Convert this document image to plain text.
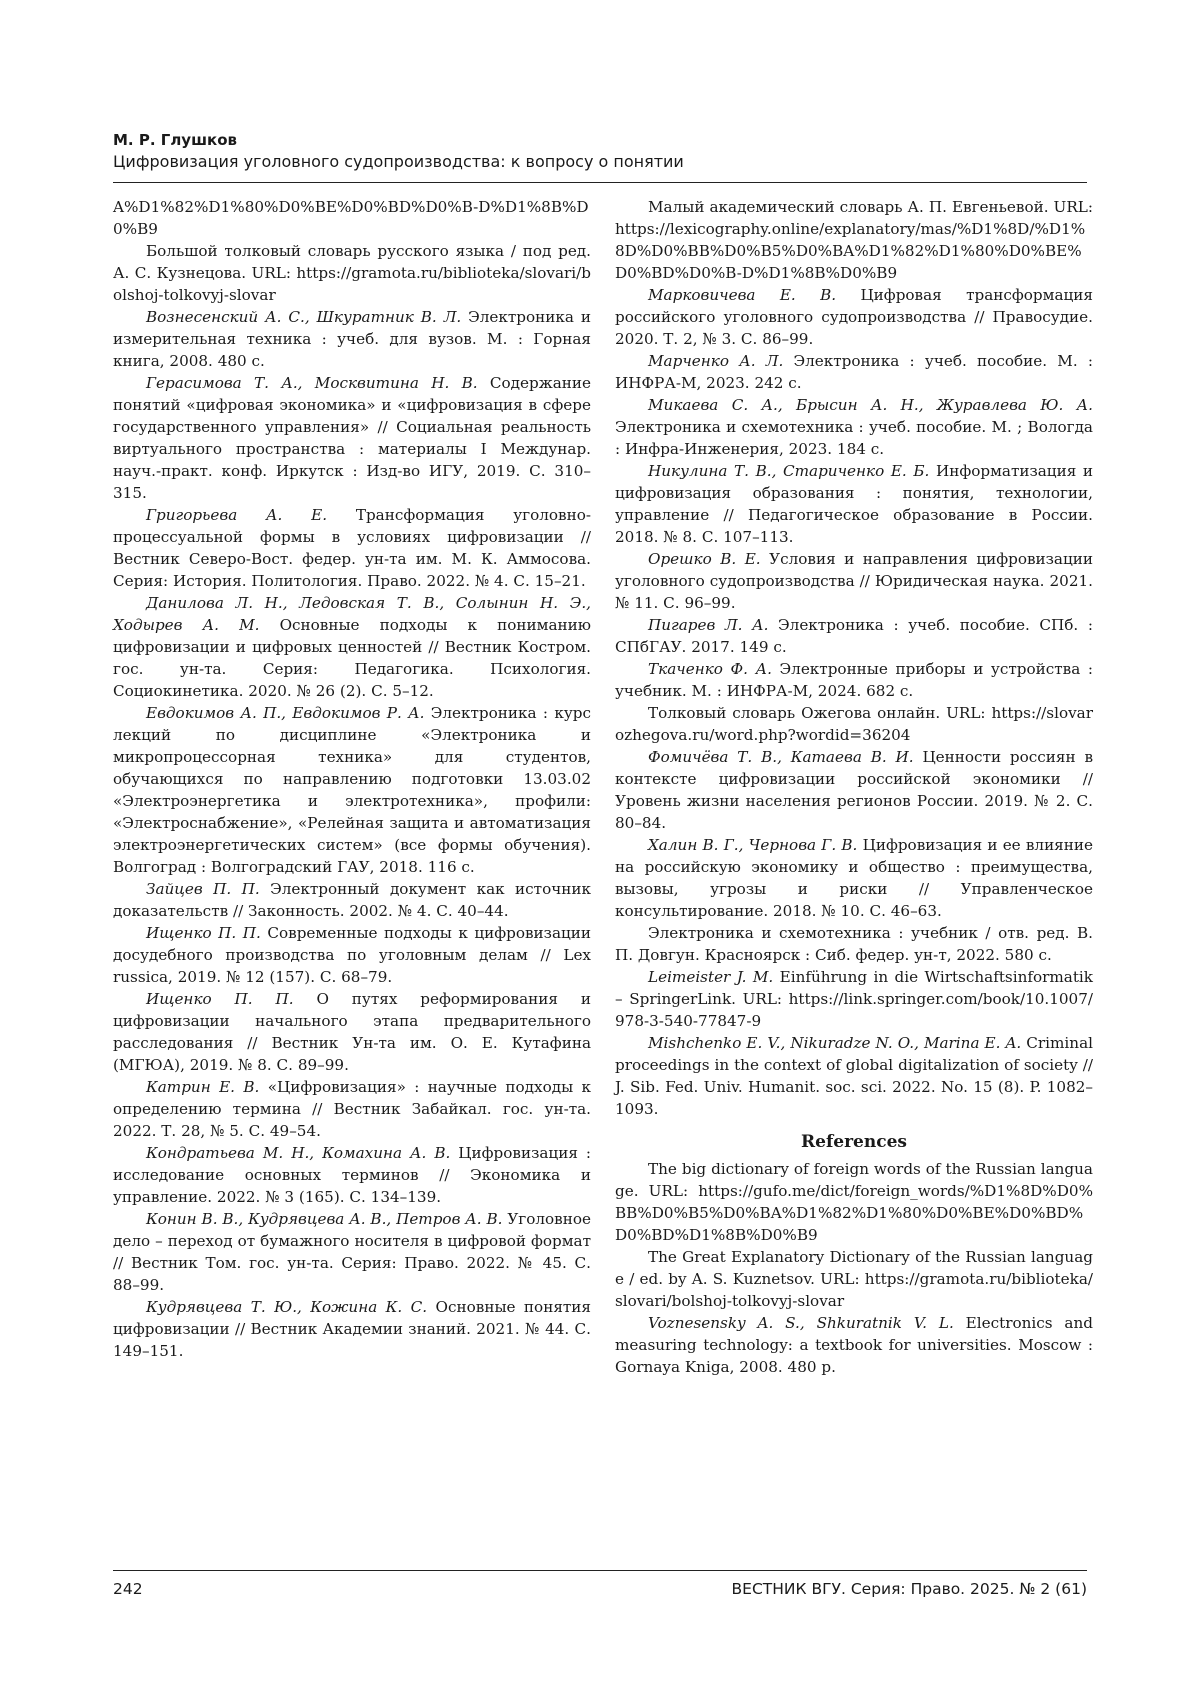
М. Р. Глушков
Цифровизация уголовного судопроизводства: к вопросу о понятии

A%D1%82%D1%80%D0%BE%D0%BD%D0%B-D%D1%8B%D0%B9

Большой толковый словарь русского языка / под ред. А. С. Кузнецова. URL: https://gramota.ru/biblioteka/slovari/bolshoj-tolkovyj-slovar

Вознесенский А. С., Шкуратник В. Л. Электроника и измерительная техника : учеб. для вузов. М. : Горная книга, 2008. 480 с.

Герасимова Т. А., Москвитина Н. В. Содержание понятий «цифровая экономика» и «цифровизация в сфере государственного управления» // Социальная реальность виртуального пространства : материалы I Междунар. науч.-практ. конф. Иркутск : Изд-во ИГУ, 2019. С. 310–315.

Григорьева А. Е. Трансформация уголовно-процессуальной формы в условиях цифровизации // Вестник Северо-Вост. федер. ун-та им. М. К. Аммосова. Серия: История. Политология. Право. 2022. № 4. С. 15–21.

Данилова Л. Н., Ледовская Т. В., Солынин Н. Э., Ходырев А. М. Основные подходы к пониманию цифровизации и цифровых ценностей // Вестник Костром. гос. ун-та. Серия: Педагогика. Психология. Социокинетика. 2020. № 26 (2). С. 5–12.

Евдокимов А. П., Евдокимов Р. А. Электроника : курс лекций по дисциплине «Электроника и микропроцессорная техника» для студентов, обучающихся по направлению подготовки 13.03.02 «Электроэнергетика и электротехника», профили: «Электроснабжение», «Релейная защита и автоматизация электроэнергетических систем» (все формы обучения). Волгоград : Волгоградский ГАУ, 2018. 116 с.

Зайцев П. П. Электронный документ как источник доказательств // Законность. 2002. № 4. С. 40–44.

Ищенко П. П. Современные подходы к цифровизации досудебного производства по уголовным делам // Lex russica, 2019. № 12 (157). С. 68–79.

Ищенко П. П. О путях реформирования и цифровизации начального этапа предварительного расследования // Вестник Ун-та им. О. Е. Кутафина (МГЮА), 2019. № 8. С. 89–99.

Катрин Е. В. «Цифровизация» : научные подходы к определению термина // Вестник Забайкал. гос. ун-та. 2022. Т. 28, № 5. С. 49–54.

Кондратьева М. Н., Комахина А. В. Цифровизация : исследование основных терминов // Экономика и управление. 2022. № 3 (165). С. 134–139.

Конин В. В., Кудрявцева А. В., Петров А. В. Уголовное дело – переход от бумажного носителя в цифровой формат // Вестник Том. гос. ун-та. Серия: Право. 2022. № 45. С. 88–99.

Кудрявцева Т. Ю., Кожина К. С. Основные понятия цифровизации // Вестник Академии знаний. 2021. № 44. С. 149–151.

Малый академический словарь А. П. Евгеньевой. URL: https://lexicography.online/explanatory/mas/%D1%8D/%D1%8D%D0%BB%D0%B5%D0%BA%D1%82%D1%80%D0%BE%D0%BD%D0%B-D%D1%8B%D0%B9

Марковичева Е. В. Цифровая трансформация российского уголовного судопроизводства // Правосудие. 2020. Т. 2, № 3. С. 86–99.

Марченко А. Л. Электроника : учеб. пособие. М. : ИНФРА-М, 2023. 242 с.

Микаева С. А., Брысин А. Н., Журавлева Ю. А. Электроника и схемотехника : учеб. пособие. М. ; Вологда : Инфра-Инженерия, 2023. 184 с.

Никулина Т. В., Стариченко Е. Б. Информатизация и цифровизация образования : понятия, технологии, управление // Педагогическое образование в России. 2018. № 8. С. 107–113.

Орешко В. Е. Условия и направления цифровизации уголовного судопроизводства // Юридическая наука. 2021. № 11. С. 96–99.

Пигарев Л. А. Электроника : учеб. пособие. СПб. : СПбГАУ. 2017. 149 с.

Ткаченко Ф. А. Электронные приборы и устройства : учебник. М. : ИНФРА-М, 2024. 682 с.

Толковый словарь Ожегова онлайн. URL: https://slovarozhegova.ru/word.php?wordid=36204

Фомичёва Т. В., Катаева В. И. Ценности россиян в контексте цифровизации российской экономики // Уровень жизни населения регионов России. 2019. № 2. С. 80–84.

Халин В. Г., Чернова Г. В. Цифровизация и ее влияние на российскую экономику и общество : преимущества, вызовы, угрозы и риски // Управленческое консультирование. 2018. № 10. С. 46–63.

Электроника и схемотехника : учебник / отв. ред. В. П. Довгун. Красноярск : Сиб. федер. ун-т, 2022. 580 с.

Leimeister J. M. Einführung in die Wirtschaftsinformatik – SpringerLink. URL: https://link.springer.com/book/10.1007/978-3-540-77847-9

Mishchenko E. V., Nikuradze N. O., Marina E. A. Criminal proceedings in the context of global digitalization of society // J. Sib. Fed. Univ. Humanit. soc. sci. 2022. No. 15 (8). P. 1082–1093.

References

The big dictionary of foreign words of the Russian language. URL: https://gufo.me/dict/foreign_words/%D1%8D%D0%BB%D0%B5%D0%BA%D1%82%D1%80%D0%BE%D0%BD%D0%BD%D1%8B%D0%B9

The Great Explanatory Dictionary of the Russian language / ed. by A. S. Kuznetsov. URL: https://gramota.ru/biblioteka/slovari/bolshoj-tolkovyj-slovar

Voznesensky A. S., Shkuratnik V. L. Electronics and measuring technology: a textbook for universities. Moscow : Gornaya Kniga, 2008. 480 p.

242	ВЕСТНИК ВГУ. Серия: Право. 2025. № 2 (61)
